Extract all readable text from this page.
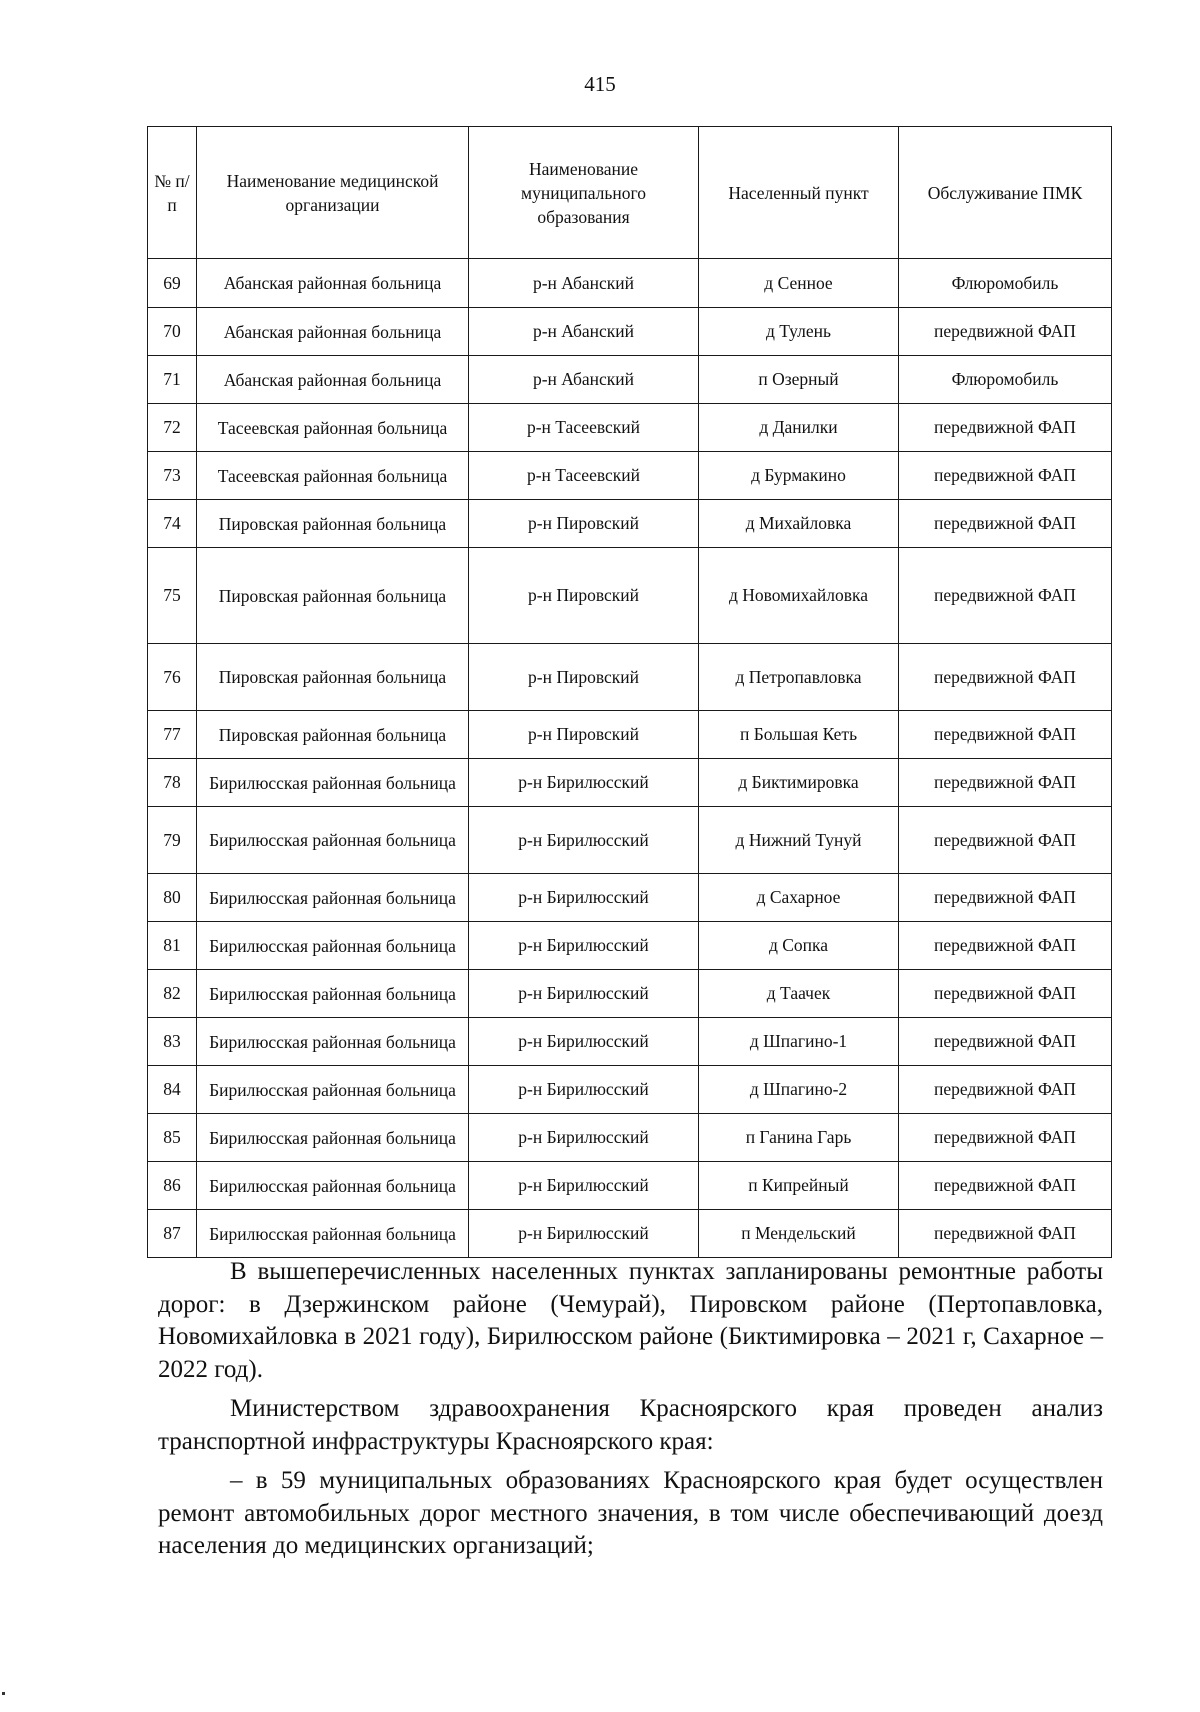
415
№ п/п	Наименование медицинской организации	Наименование муниципального образования	Населенный пункт	Обслуживание ПМК
69	Абанская районная больница	р-н Абанский	д Сенное	Флюромобиль
70	Абанская районная больница	р-н Абанский	д Тулень	передвижной ФАП
71	Абанская районная больница	р-н Абанский	п Озерный	Флюромобиль
72	Тасеевская районная больница	р-н Тасеевский	д Данилки	передвижной ФАП
73	Тасеевская районная больница	р-н Тасеевский	д Бурмакино	передвижной ФАП
74	Пировская районная больница	р-н Пировский	д Михайловка	передвижной ФАП
75	Пировская районная больница	р-н Пировский	д Новомихайловка	передвижной ФАП
76	Пировская районная больница	р-н Пировский	д Петропавловка	передвижной ФАП
77	Пировская районная больница	р-н Пировский	п Большая Кеть	передвижной ФАП
78	Бирилюсская районная больница	р-н Бирилюсский	д Биктимировка	передвижной ФАП
79	Бирилюсская районная больница	р-н Бирилюсский	д Нижний Тунуй	передвижной ФАП
80	Бирилюсская районная больница	р-н Бирилюсский	д Сахарное	передвижной ФАП
81	Бирилюсская районная больница	р-н Бирилюсский	д Сопка	передвижной ФАП
82	Бирилюсская районная больница	р-н Бирилюсский	д Таачек	передвижной ФАП
83	Бирилюсская районная больница	р-н Бирилюсский	д Шпагино-1	передвижной ФАП
84	Бирилюсская районная больница	р-н Бирилюсский	д Шпагино-2	передвижной ФАП
85	Бирилюсская районная больница	р-н Бирилюсский	п Ганина Гарь	передвижной ФАП
86	Бирилюсская районная больница	р-н Бирилюсский	п Кипрейный	передвижной ФАП
87	Бирилюсская районная больница	р-н Бирилюсский	п Мендельский	передвижной ФАП

В вышеперечисленных населенных пунктах запланированы ремонтные работы дорог: в Дзержинском районе (Чемурай), Пировском районе (Пертопавловка, Новомихайловка в 2021 году), Бирилюсском районе (Биктимировка – 2021 г, Сахарное – 2022 год).

Министерством здравоохранения Красноярского края проведен анализ транспортной инфраструктуры Красноярского края:

– в 59 муниципальных образованиях Красноярского края будет осуществлен ремонт автомобильных дорог местного значения, в том числе обеспечивающий доезд населения до медицинских организаций;
